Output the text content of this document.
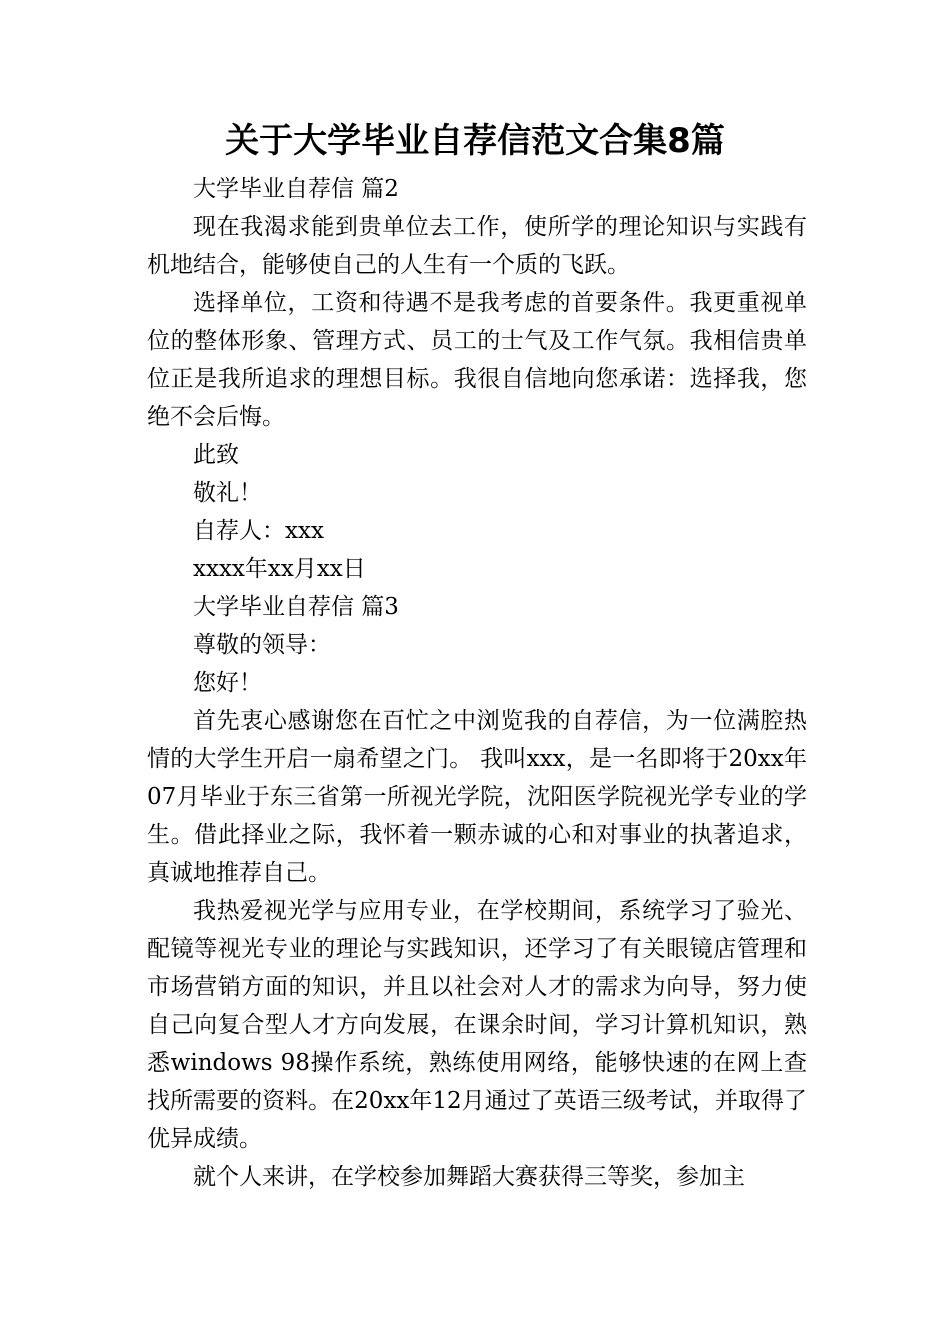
关于大学毕业自荐信范文合集8篇

大学毕业自荐信 篇2

现在我渴求能到贵单位去工作，使所学的理论知识与实践有机地结合，能够使自己的人生有一个质的飞跃。

选择单位，工资和待遇不是我考虑的首要条件。我更重视单位的整体形象、管理方式、员工的士气及工作气氛。我相信贵单位正是我所追求的理想目标。我很自信地向您承诺：选择我，您绝不会后悔。

此致

敬礼！

自荐人：xxx

xxxx年xx月xx日

大学毕业自荐信 篇3

尊敬的领导：

您好！

首先衷心感谢您在百忙之中浏览我的自荐信，为一位满腔热情的大学生开启一扇希望之门。 我叫xxx，是一名即将于20xx年07月毕业于东三省第一所视光学院，沈阳医学院视光学专业的学生。借此择业之际，我怀着一颗赤诚的心和对事业的执著追求，真诚地推荐自己。

我热爱视光学与应用专业，在学校期间，系统学习了验光、配镜等视光专业的理论与实践知识，还学习了有关眼镜店管理和市场营销方面的知识，并且以社会对人才的需求为向导，努力使自己向复合型人才方向发展，在课余时间，学习计算机知识，熟悉windows 98操作系统，熟练使用网络，能够快速的在网上查找所需要的资料。在20xx年12月通过了英语三级考试，并取得了优异成绩。

就个人来讲，在学校参加舞蹈大赛获得三等奖，参加主
